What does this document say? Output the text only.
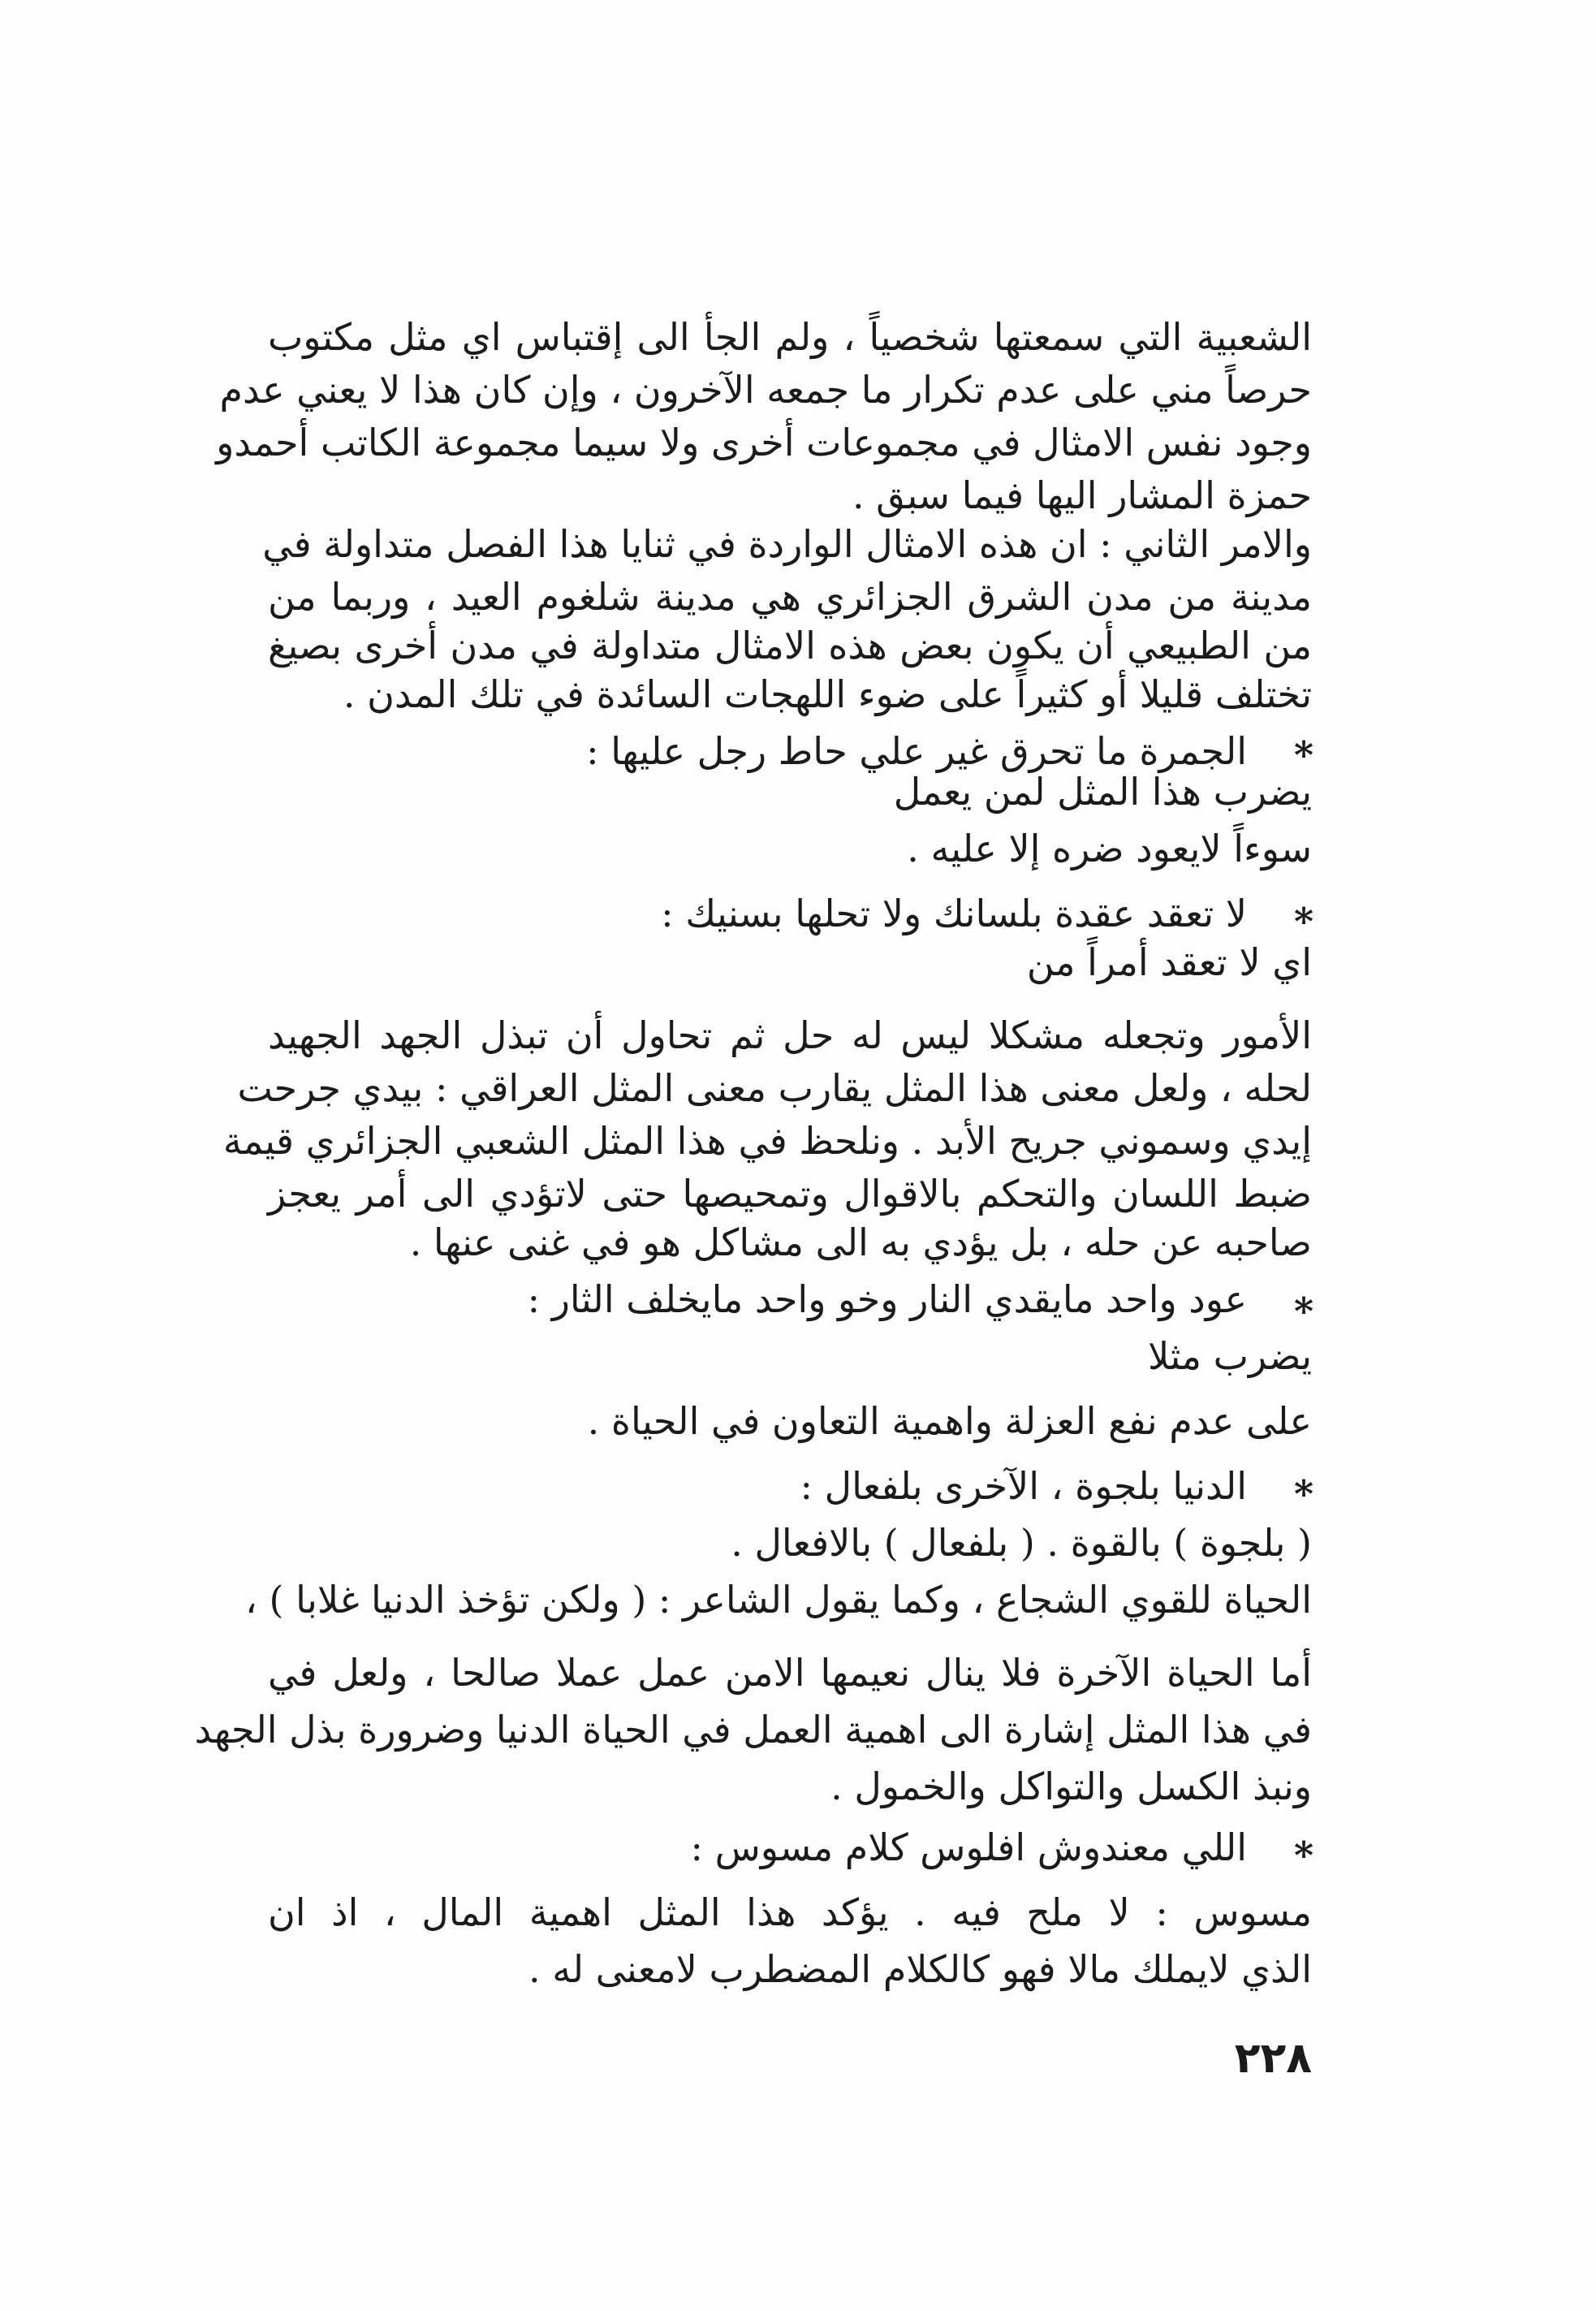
الشعبية التي سمعتها شخصياً ، ولم الجأ الى إقتباس اي مثل مكتوب
حرصاً مني على عدم تكرار ما جمعه الآخرون ، وإن كان هذا لا يعني عدم
وجود نفس الامثال في مجموعات أخرى ولا سيما مجموعة الكاتب أحمدو
حمزة المشار اليها فيما سبق .
والامر الثاني : ان هذه الامثال الواردة في ثنايا هذا الفصل متداولة في
مدينة من مدن الشرق الجزائري هي مدينة شلغوم العيد ، وربما من
من الطبيعي أن يكون بعض هذه الامثال متداولة في مدن أخرى بصيغ
تختلف قليلا أو كثيراً على ضوء اللهجات السائدة في تلك المدن .
*
الجمرة ما تحرق غير علي حاط رجل عليها :
يضرب هذا المثل لمن يعمل
سوءاً لايعود ضره إلا عليه .
*
لا تعقد عقدة بلسانك ولا تحلها بسنيك :
اي لا تعقد أمراً من
الأمور وتجعله مشكلا ليس له حل ثم تحاول أن تبذل الجهد الجهيد
لحله ، ولعل معنى هذا المثل يقارب معنى المثل العراقي : بيدي جرحت
إيدي وسموني جريح الأبد . ونلحظ في هذا المثل الشعبي الجزائري قيمة
ضبط اللسان والتحكم بالاقوال وتمحيصها حتى لاتؤدي الى أمر يعجز
صاحبه عن حله ، بل يؤدي به الى مشاكل هو في غنى عنها .
*
عود واحد مايقدي النار وخو واحد مايخلف الثار :
يضرب مثلا
على عدم نفع العزلة واهمية التعاون في الحياة .
*
الدنيا بلجوة ، الآخرى بلفعال :
( بلجوة ) بالقوة . ( بلفعال ) بالافعال .
الحياة للقوي الشجاع ، وكما يقول الشاعر : ( ولكن تؤخذ الدنيا غلابا ) ،
أما الحياة الآخرة فلا ينال نعيمها الامن عمل عملا صالحا ، ولعل في
في هذا المثل إشارة الى اهمية العمل في الحياة الدنيا وضرورة بذل الجهد
ونبذ الكسل والتواكل والخمول .
*
اللي معندوش افلوس كلام مسوس :
مسوس : لا ملح فيه . يؤكد هذا المثل اهمية المال ، اذ ان
الذي لايملك مالا فهو كالكلام المضطرب لامعنى له .
٢٢٨
